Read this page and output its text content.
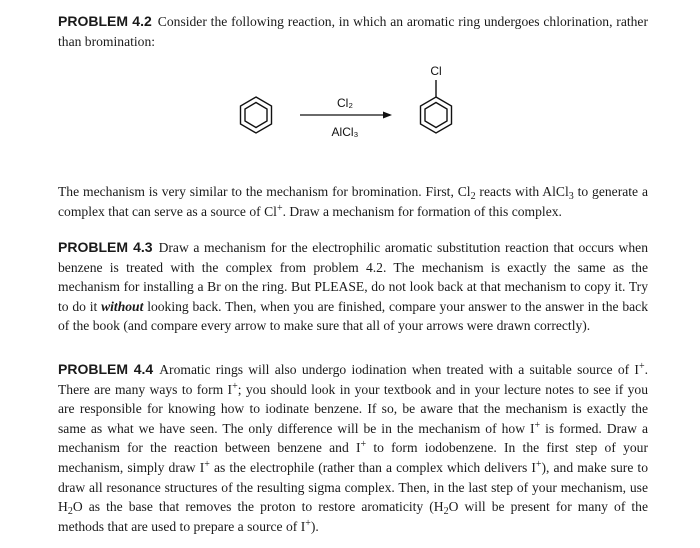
PROBLEM 4.2 Consider the following reaction, in which an aromatic ring undergoes chlorination, rather than bromination:

Cl₂
AlCl₃
Cl

The mechanism is very similar to the mechanism for bromination. First, $Cl_2$ reacts with AlCl$_3$ to generate a complex that can serve as a source of Cl+. Draw a mechanism for formation of this complex.

PROBLEM 4.3 Draw a mechanism for the electrophilic aromatic substitution reaction that occurs when benzene is treated with the complex from problem 4.2. The mechanism is exactly the same as the mechanism for installing a Br on the ring. But PLEASE, do not look back at that mechanism to copy it. Try to do it without looking back. Then, when you are finished, compare your answer to the answer in the back of the book (and compare every arrow to make sure that all of your arrows were drawn correctly).

PROBLEM 4.4 Aromatic rings will also undergo iodination when treated with a suitable source of I+. There are many ways to form I+; you should look in your textbook and in your lecture notes to see if you are responsible for knowing how to iodinate benzene. If so, be aware that the mechanism is exactly the same as what we have seen. The only difference will be in the mechanism of how I+ is formed. Draw a mechanism for the reaction between benzene and I+ to form iodobenzene. In the first step of your mechanism, simply draw I+ as the electrophile (rather than a complex which delivers I+), and make sure to draw all resonance structures of the resulting sigma complex. Then, in the last step of your mechanism, use $H_2O$ as the base that removes the proton to restore aromaticity ($H_2O$ will be present for many of the methods that are used to prepare a source of I+).
